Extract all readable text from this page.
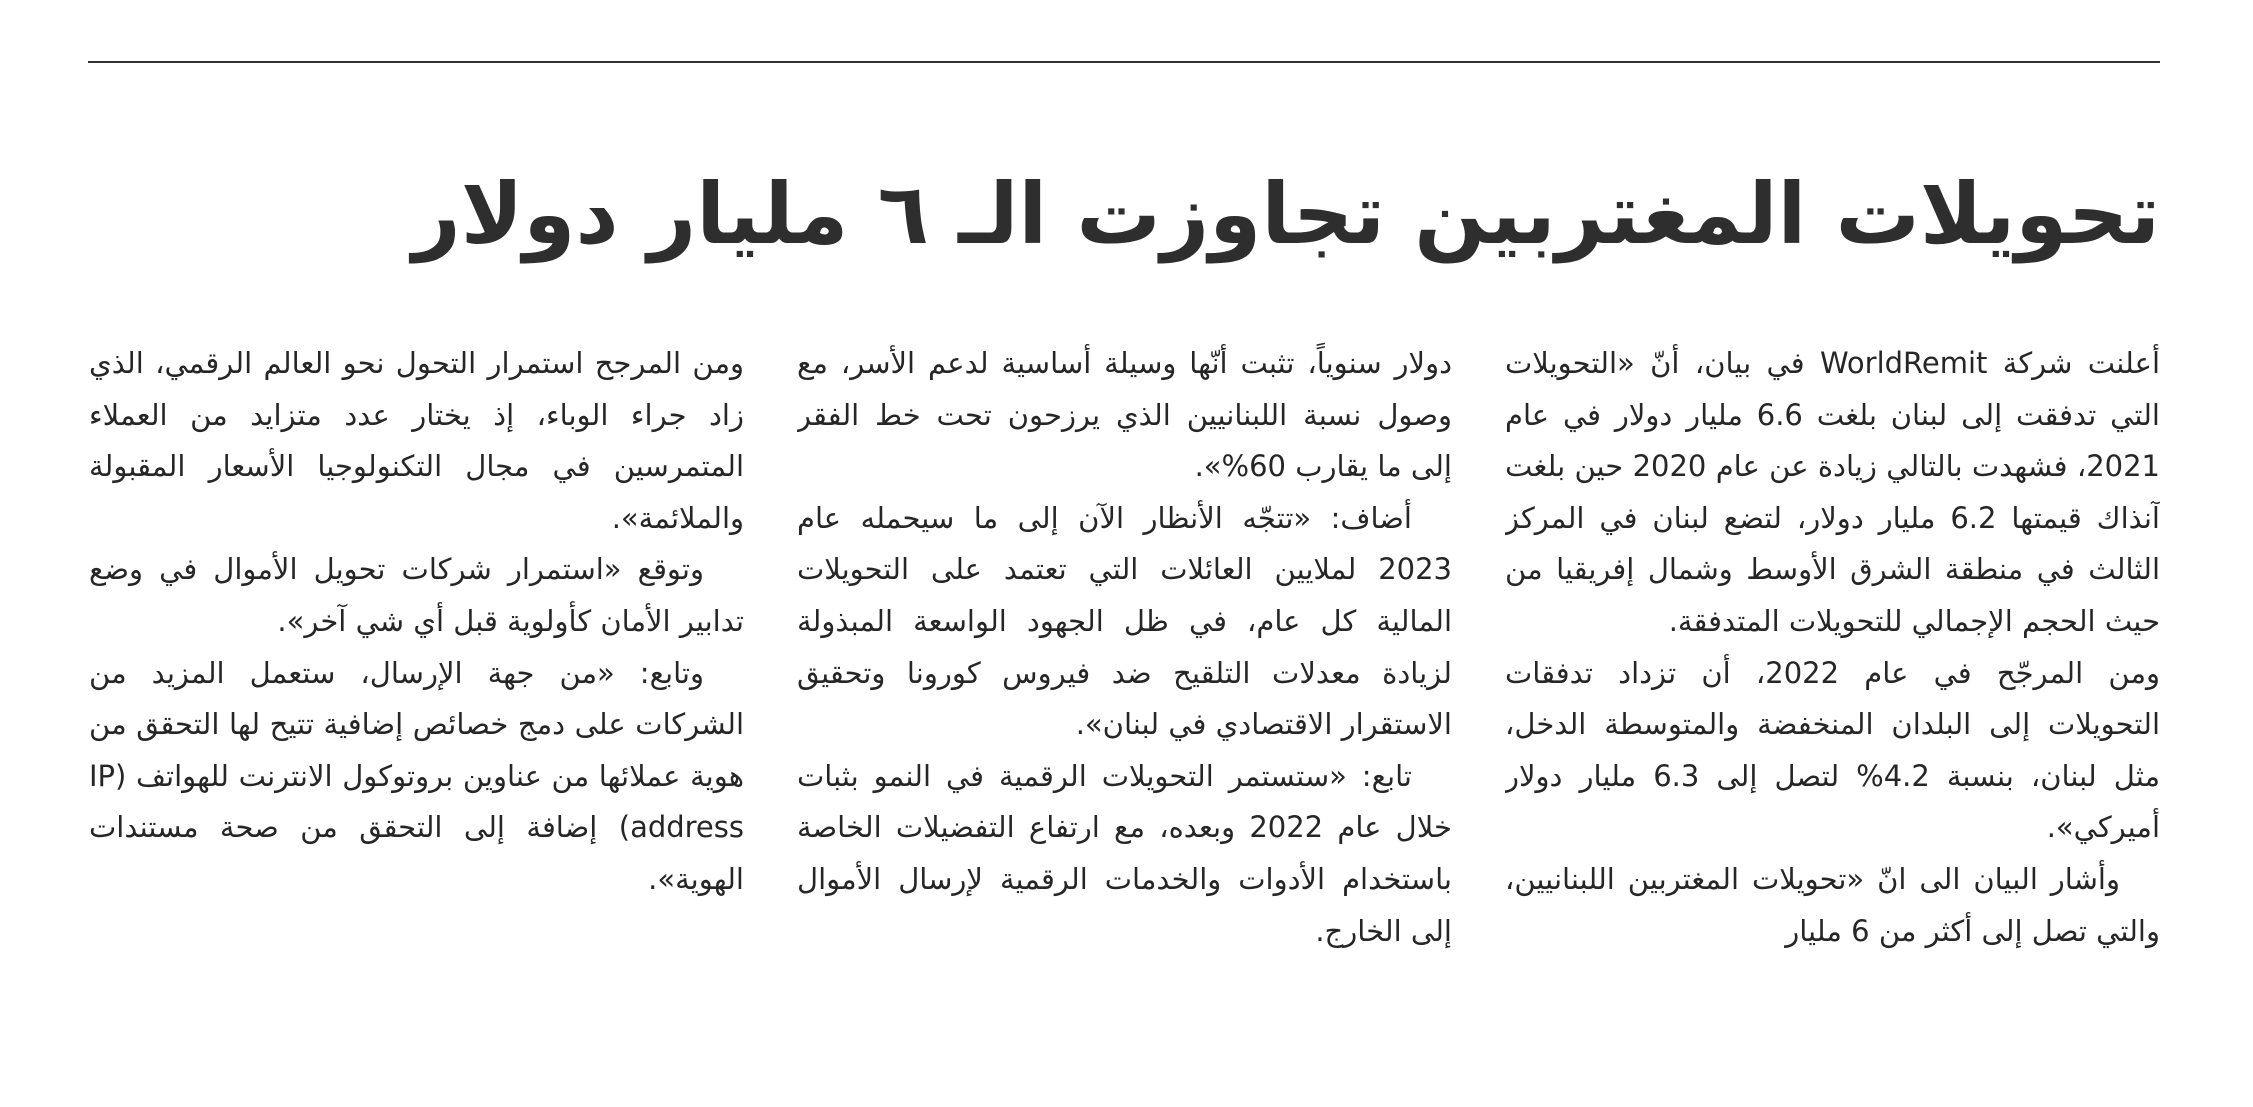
تحويلات المغتربين تجاوزت الـ ٦ مليار دولار

أعلنت شركة WorldRemit في بيان، أنّ «التحويلات التي تدفقت إلى لبنان بلغت 6.6 مليار دولار في عام 2021، فشهدت بالتالي زيادة عن عام 2020 حين بلغت آنذاك قيمتها 6.2 مليار دولار، لتضع لبنان في المركز الثالث في منطقة الشرق الأوسط وشمال إفريقيا من حيث الحجم الإجمالي للتحويلات المتدفقة.

ومن المرجّح في عام 2022، أن تزداد تدفقات التحويلات إلى البلدان المنخفضة والمتوسطة الدخل، مثل لبنان، بنسبة 4.2% لتصل إلى 6.3 مليار دولار أميركي».

وأشار البيان الى انّ «تحويلات المغتربين اللبنانيين، والتي تصل إلى أكثر من 6 مليار

دولار سنوياً، تثبت أنّها وسيلة أساسية لدعم الأسر، مع وصول نسبة اللبنانيين الذي يرزحون تحت خط الفقر إلى ما يقارب 60%».

أضاف: «تتجّه الأنظار الآن إلى ما سيحمله عام 2023 لملايين العائلات التي تعتمد على التحويلات المالية كل عام، في ظل الجهود الواسعة المبذولة لزيادة معدلات التلقيح ضد فيروس كورونا وتحقيق الاستقرار الاقتصادي في لبنان».

تابع: «ستستمر التحويلات الرقمية في النمو بثبات خلال عام 2022 وبعده، مع ارتفاع التفضيلات الخاصة باستخدام الأدوات والخدمات الرقمية لإرسال الأموال إلى الخارج.

ومن المرجح استمرار التحول نحو العالم الرقمي، الذي زاد جراء الوباء، إذ يختار عدد متزايد من العملاء المتمرسين في مجال التكنولوجيا الأسعار المقبولة والملائمة».

وتوقع «استمرار شركات تحويل الأموال في وضع تدابير الأمان كأولوية قبل أي شي آخر».

وتابع: «من جهة الإرسال، ستعمل المزيد من الشركات على دمج خصائص إضافية تتيح لها التحقق من هوية عملائها من عناوين بروتوكول الانترنت للهواتف (IP address) إضافة إلى التحقق من صحة مستندات الهوية».
